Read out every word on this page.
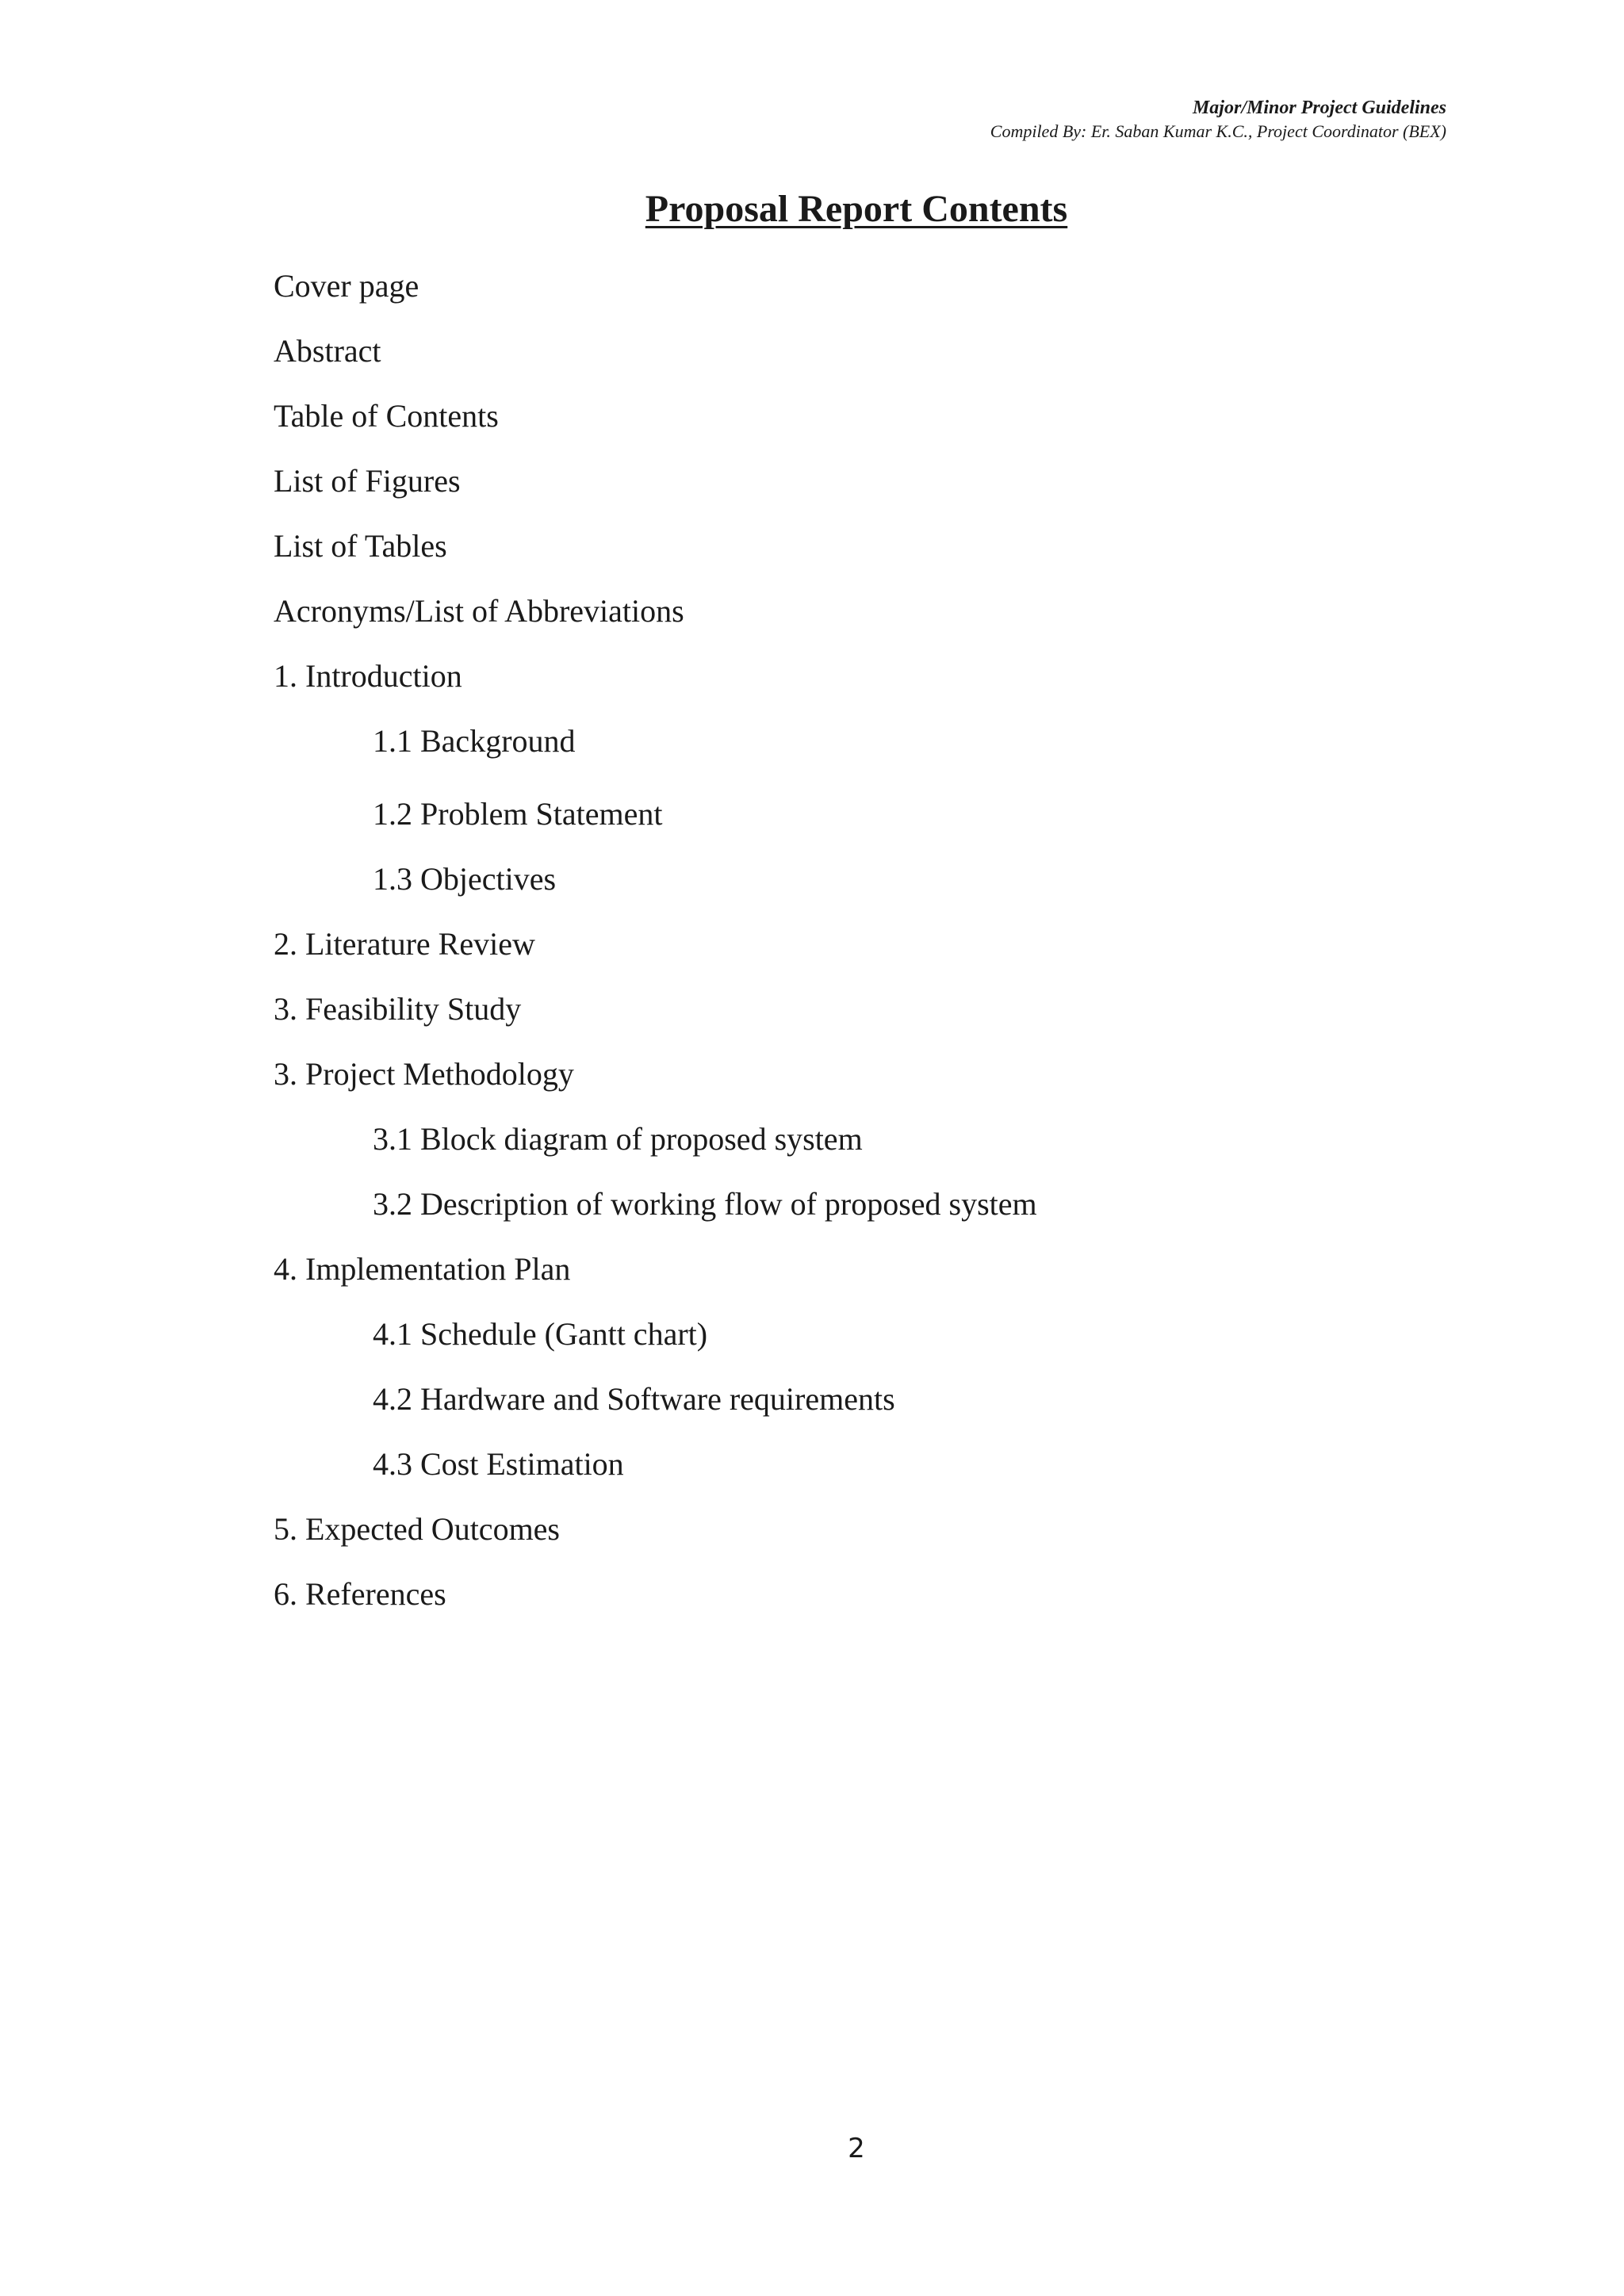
Major/Minor Project Guidelines
Compiled By: Er. Saban Kumar K.C., Project Coordinator (BEX)
Proposal Report Contents
Cover page
Abstract
Table of Contents
List of Figures
List of Tables
Acronyms/List of Abbreviations
1. Introduction
1.1 Background
1.2 Problem Statement
1.3 Objectives
2. Literature Review
3. Feasibility Study
3. Project Methodology
3.1 Block diagram of proposed system
3.2 Description of working flow of proposed system
4. Implementation Plan
4.1 Schedule (Gantt chart)
4.2 Hardware and Software requirements
4.3 Cost Estimation
5. Expected Outcomes
6. References
2
